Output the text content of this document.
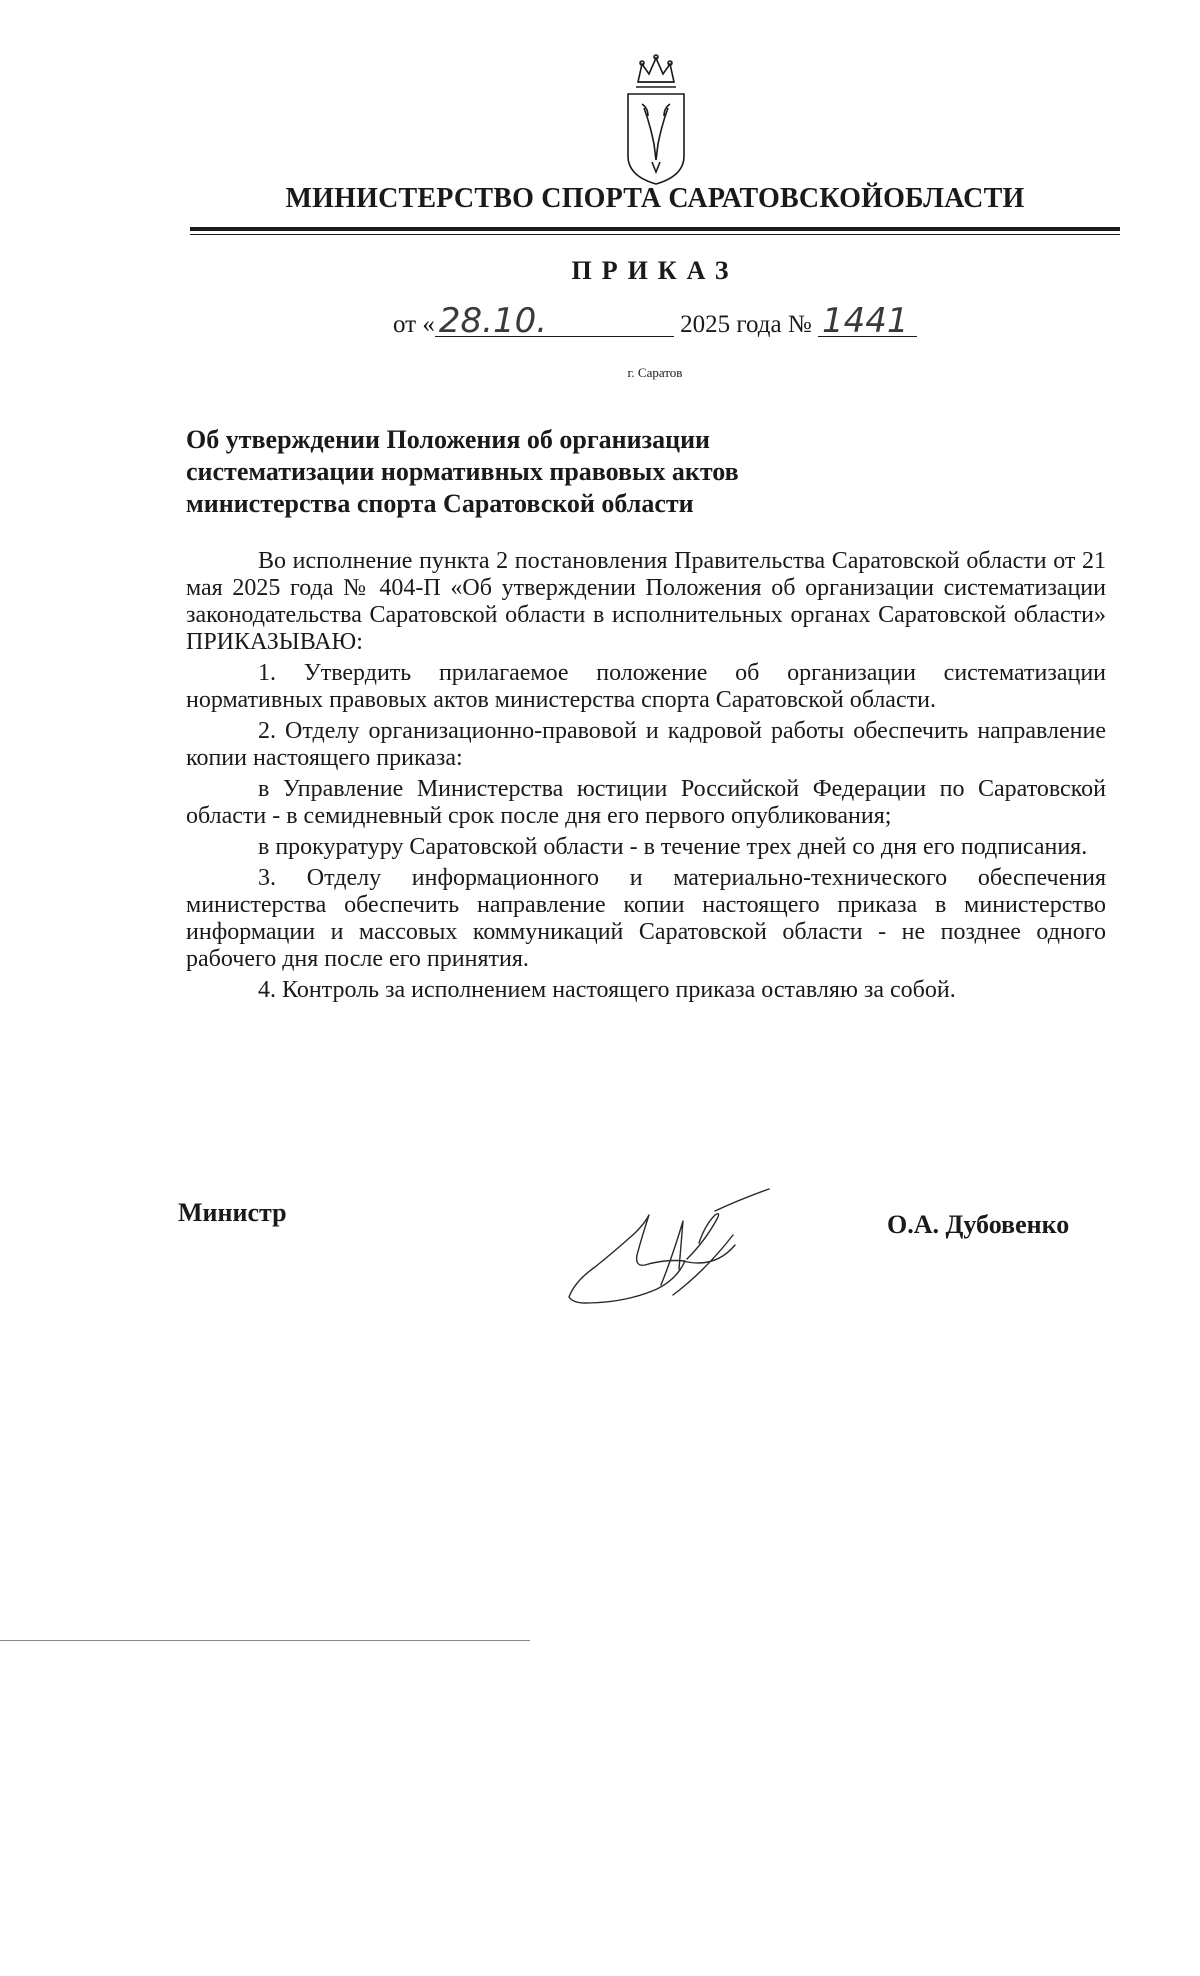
МИНИСТЕРСТВО СПОРТА САРАТОВСКОЙОБЛАСТИ
ПРИКАЗ
от « 28.10.	2025 года № 1441
г. Саратов
Об утверждении Положения об организации
систематизации нормативных правовых актов
министерства спорта Саратовской области

Во исполнение пункта 2 постановления Правительства Саратовской области от 21 мая 2025 года № 404-П «Об утверждении Положения об организации систематизации законодательства Саратовской области в исполнительных органах Саратовской области» ПРИКАЗЫВАЮ:

1. Утвердить прилагаемое положение об организации систематизации нормативных правовых актов министерства спорта Саратовской области.

2. Отделу организационно-правовой и кадровой работы обеспечить направление копии настоящего приказа:

в Управление Министерства юстиции Российской Федерации по Саратовской области - в семидневный срок после дня его первого опубликования;

в прокуратуру Саратовской области - в течение трех дней со дня его подписания.

3. Отделу информационного и материально-технического обеспечения министерства обеспечить направление копии настоящего приказа в министерство информации и массовых коммуникаций Саратовской области - не позднее одного рабочего дня после его принятия.

4. Контроль за исполнением настоящего приказа оставляю за собой.

Министр	О.А. Дубовенко
